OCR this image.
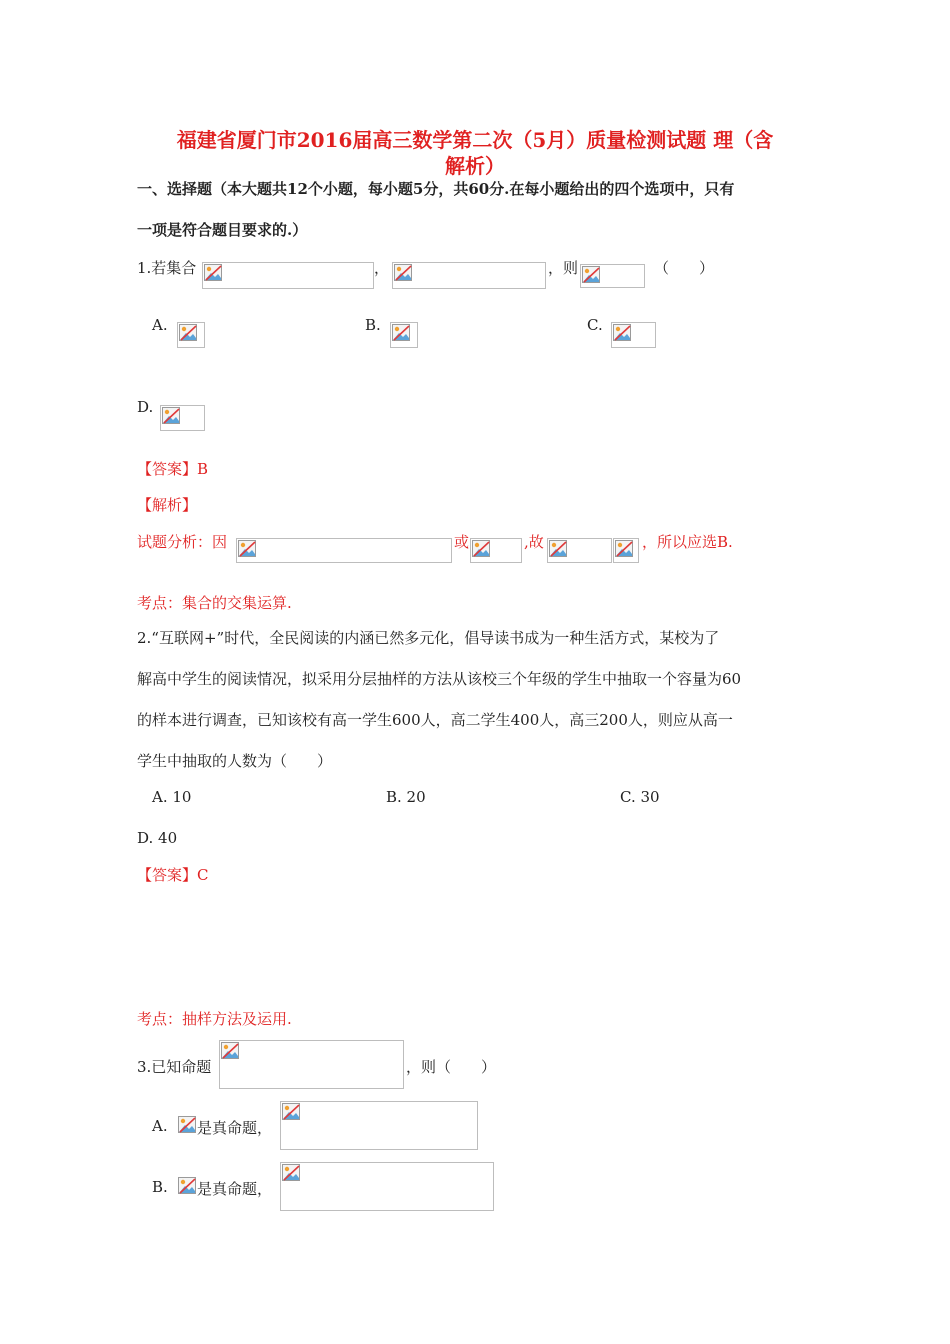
福建省厦门市2016届高三数学第二次（5月）质量检测试题 理（含
解析）
一、选择题（本大题共12个小题，每小题5分，共60分.在每小题给出的四个选项中，只有
一项是符合题目要求的.）
1.若集合	，	，则	（　　）
A.	B.	C.
D.
【答案】B
【解析】
试题分析：因	或	,故	，所以应选B.
考点：集合的交集运算.
2.“互联网+”时代，全民阅读的内涵已然多元化，倡导读书成为一种生活方式，某校为了
解高中学生的阅读情况，拟采用分层抽样的方法从该校三个年级的学生中抽取一个容量为60
的样本进行调查，已知该校有高一学生600人，高二学生400人，高三200人，则应从高一
学生中抽取的人数为（　　）
A. 10	B. 20	C. 30
D. 40
【答案】C
考点：抽样方法及运用.
3.已知命题	，则（　　）
A. 是真命题，
B. 是真命题，
